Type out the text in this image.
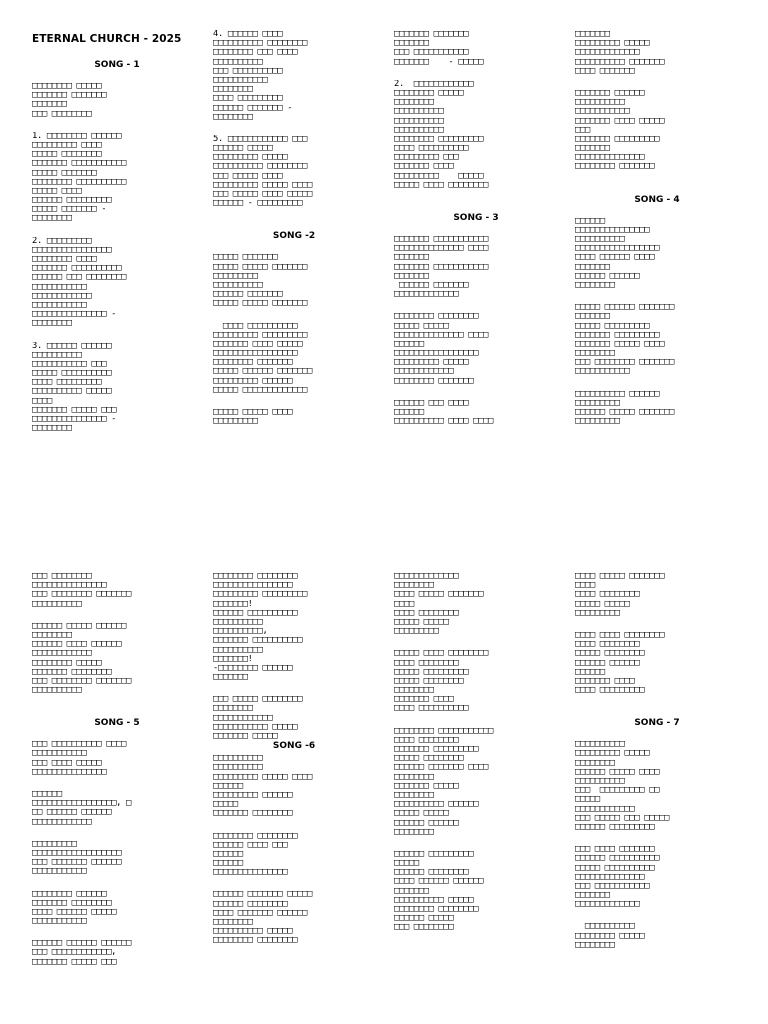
ETERNAL CHURCH - 2025
SONG - 1
□□□□□□□□ □□□□□
□□□□□□□ □□□□□□□
□□□□□□□
□□□ □□□□□□□□
1. □□□□□□□□ □□□□□□
□□□□□□□□□ □□□□
□□□□□ □□□□□□□□
□□□□□□□ □□□□□□□□□□□
□□□□□ □□□□□□□
□□□□□□□□ □□□□□□□□□□
□□□□□ □□□□
□□□□□□ □□□□□□□□□
□□□□□ □□□□□□□ -
□□□□□□□□
2. □□□□□□□□□
□□□□□□□□□□□□□□□□
□□□□□□□□ □□□□
□□□□□□□ □□□□□□□□□□
□□□□□□ □□□ □□□□□□□□
□□□□□□□□□□□
□□□□□□□□□□□□
□□□□□□□□□□□
□□□□□□□□□□□□□□□ -
□□□□□□□□
3. □□□□□□ □□□□□□
□□□□□□□□□□
□□□□□□□□□□□ □□□
□□□□□ □□□□□□□□□□
□□□□ □□□□□□□□□
□□□□□□□□□□ □□□□□
□□□□
□□□□□□□ □□□□□ □□□
□□□□□□□□□□□□□□□ -
□□□□□□□□
4. □□□□□□ □□□□
□□□□□□□□□□ □□□□□□□□
□□□□□□□□ □□□ □□□□
□□□□□□□□□□
□□□ □□□□□□□□□□
□□□□□□□□□□□
□□□□□□□□
□□□□ □□□□□□□□□
□□□□□□ □□□□□□□ -
□□□□□□□□
5. □□□□□□□□□□□□ □□□
□□□□□□ □□□□□
□□□□□□□□□ □□□□□
□□□□□□□□□□ □□□□□□□□
□□□ □□□□□ □□□□
□□□□□□□□□ □□□□□ □□□□
□□□ □□□□□ □□□□ □□□□□
□□□□□□ - □□□□□□□□□
SONG -2
□□□□□ □□□□□□□
□□□□□ □□□□□ □□□□□□□
□□□□□□□□□
□□□□□□□□□□
□□□□□□ □□□□□□□
□□□□□ □□□□□ □□□□□□□
□□□□ □□□□□□□□□□
□□□□□□□□□ □□□□□□□□□
□□□□□□□ □□□□ □□□□□
□□□□□□□□□□□□□□□□□
□□□□□□□□ □□□□□□□
□□□□□ □□□□□□ □□□□□□□
□□□□□□□□□ □□□□□□
□□□□□ □□□□□□□□□□□□□
□□□□□ □□□□□ □□□□
□□□□□□□□□
□□□□□□□ □□□□□□□
□□□□□□□
□□□ □□□□□□□□□□□
□□□□□□□    - □□□□□
2.  □□□□□□□□□□□□
□□□□□□□□ □□□□□
□□□□□□□□
□□□□□□□□□□
□□□□□□□□□□
□□□□□□□□□□
□□□□□□□□ □□□□□□□□□
□□□□ □□□□□□□□□□
□□□□□□□□□ □□□
□□□□□□□ □□□□
□□□□□□□□□    □□□□□
□□□□□ □□□□ □□□□□□□□
SONG - 3
□□□□□□□ □□□□□□□□□□□
□□□□□□□□□□□□□□ □□□□
□□□□□□□
□□□□□□□ □□□□□□□□□□□
□□□□□□□
□□□□□□ □□□□□□□
□□□□□□□□□□□□□
□□□□□□□□ □□□□□□□□
□□□□□ □□□□□
□□□□□□□□□□□□□□ □□□□
□□□□□□
□□□□□□□□□□□□□□□□□
□□□□□□□□□ □□□□□
□□□□□□□□□□□□
□□□□□□□□ □□□□□□□
□□□□□□ □□□ □□□□
□□□□□□
□□□□□□□□□□ □□□□ □□□□
□□□□□□□
□□□□□□□□□ □□□□□
□□□□□□□□□□□□□
□□□□□□□□□□ □□□□□□□
□□□□ □□□□□□□
□□□□□□□ □□□□□□
□□□□□□□□□□
□□□□□□□□□□□
□□□□□□□ □□□□ □□□□□
□□□
□□□□□□□ □□□□□□□□□
□□□□□□□
□□□□□□□□□□□□□□
□□□□□□□□ □□□□□□□
SONG - 4
□□□□□□
□□□□□□□□□□□□□□□
□□□□□□□□□□
□□□□□□□□□□□□□□□□□
□□□□ □□□□□□ □□□□
□□□□□□□
□□□□□□ □□□□□□
□□□□□□□□
□□□□□ □□□□□□ □□□□□□□
□□□□□□□
□□□□□ □□□□□□□□□
□□□□□□□ □□□□□□□□□
□□□□□□□ □□□□□ □□□□
□□□□□□□□
□□□ □□□□□□□□ □□□□□□□
□□□□□□□□□□□
□□□□□□□□□□ □□□□□□
□□□□□□□□□
□□□□□□ □□□□□ □□□□□□□
□□□□□□□□□
□□□ □□□□□□□□
□□□□□□□□□□□□□□□
□□□ □□□□□□□□ □□□□□□□
□□□□□□□□□□
□□□□□□ □□□□□ □□□□□□
□□□□□□□□
□□□□□□ □□□□ □□□□□□
□□□□□□□□□□□□
□□□□□□□□ □□□□□
□□□□□□□ □□□□□□□□
□□□ □□□□□□□□ □□□□□□□
□□□□□□□□□□
SONG - 5
□□□ □□□□□□□□□□ □□□□
□□□□□□□□□□□
□□□ □□□□ □□□□□
□□□□□□□□□□□□□□□
□□□□□□
□□□□□□□□□□□□□□□□□, □
□□ □□□□□□ □□□□□□
□□□□□□□□□□□□
□□□□□□□□□
□□□□□□□□□□□□□□□□□□
□□□ □□□□□□□ □□□□□□
□□□□□□□□□□□
□□□□□□□□ □□□□□□
□□□□□□□ □□□□□□□□
□□□□ □□□□□□ □□□□□
□□□□□□□□□□□
□□□□□□ □□□□□□ □□□□□□
□□□ □□□□□□□□□□□□,
□□□□□□□ □□□□□ □□□
□□□□□□□□ □□□□□□□□
□□□□□□□□□□□□□□□□
□□□□□□□□□ □□□□□□□□□
□□□□□□□!
□□□□□□ □□□□□□□□□□
□□□□□□□□□□
□□□□□□□□□□,
□□□□□□□ □□□□□□□□□□
□□□□□□□□□□
□□□□□□□!
-□□□□□□□□ □□□□□□
□□□□□□□
□□□ □□□□□ □□□□□□□□
□□□□□□□□
□□□□□□□□□□□□
□□□□□□□□□□□ □□□□□
□□□□□□□ □□□□□
SONG -6
□□□□□□□□□□
□□□□□□□□□□
□□□□□□□□□ □□□□□ □□□□
□□□□□□
□□□□□□□□□ □□□□□□
□□□□□
□□□□□□□ □□□□□□□□
□□□□□□□□ □□□□□□□□
□□□□□□ □□□□ □□□
□□□□□□
□□□□□□
□□□□□□□□□□□□□□□
□□□□□□ □□□□□□□ □□□□□
□□□□□□ □□□□□□□□
□□□□ □□□□□□□ □□□□□□
□□□□□□□□
□□□□□□□□□□ □□□□□
□□□□□□□□ □□□□□□□□
□□□□□□□□□□□□□
□□□□□□□□
□□□□ □□□□□ □□□□□□□
□□□□
□□□□ □□□□□□□□
□□□□□ □□□□□
□□□□□□□□□
□□□□□ □□□□ □□□□□□□□
□□□□ □□□□□□□□
□□□□□ □□□□□□□□□
□□□□□ □□□□□□□□
□□□□□□□□
□□□□□□□ □□□□
□□□□ □□□□□□□□□□
□□□□□□□□ □□□□□□□□□□□
□□□□ □□□□□□□□
□□□□□□□ □□□□□□□□□
□□□□□ □□□□□□□□
□□□□□□ □□□□□□□ □□□□
□□□□□□□□
□□□□□□□ □□□□□
□□□□□□□□
□□□□□□□□□□ □□□□□□
□□□□□ □□□□□
□□□□□□ □□□□□□
□□□□□□□□
□□□□□□ □□□□□□□□□
□□□□□
□□□□□□ □□□□□□□□
□□□□ □□□□□□ □□□□□□
□□□□□□□
□□□□□□□□□□ □□□□□
□□□□□□□□ □□□□□□□□
□□□□□□ □□□□□
□□□ □□□□□□□□
□□□□ □□□□□ □□□□□□□
□□□□
□□□□ □□□□□□□□
□□□□□ □□□□□
□□□□□□□□□
□□□□ □□□□ □□□□□□□□
□□□□ □□□□□□□□
□□□□□ □□□□□□□□
□□□□□□ □□□□□□
□□□□□□
□□□□□□□ □□□□
□□□□ □□□□□□□□□
SONG - 7
□□□□□□□□□□
□□□□□□□□□ □□□□□
□□□□□□□□
□□□□□□ □□□□□ □□□□
□□□□□□□□□□
□□□  □□□□□□□□□ □□
□□□□□
□□□□□□□□□□□□
□□□ □□□□□ □□□ □□□□□
□□□□□□ □□□□□□□□□
□□□ □□□□ □□□□□□□
□□□□□□ □□□□□□□□□□
□□□□□ □□□□□□□□□□
□□□□□□□□□□□□□□
□□□ □□□□□□□□□□□
□□□□□□□
□□□□□□□□□□□□□
□□□□□□□□□□
□□□□□□□□ □□□□□
□□□□□□□□
